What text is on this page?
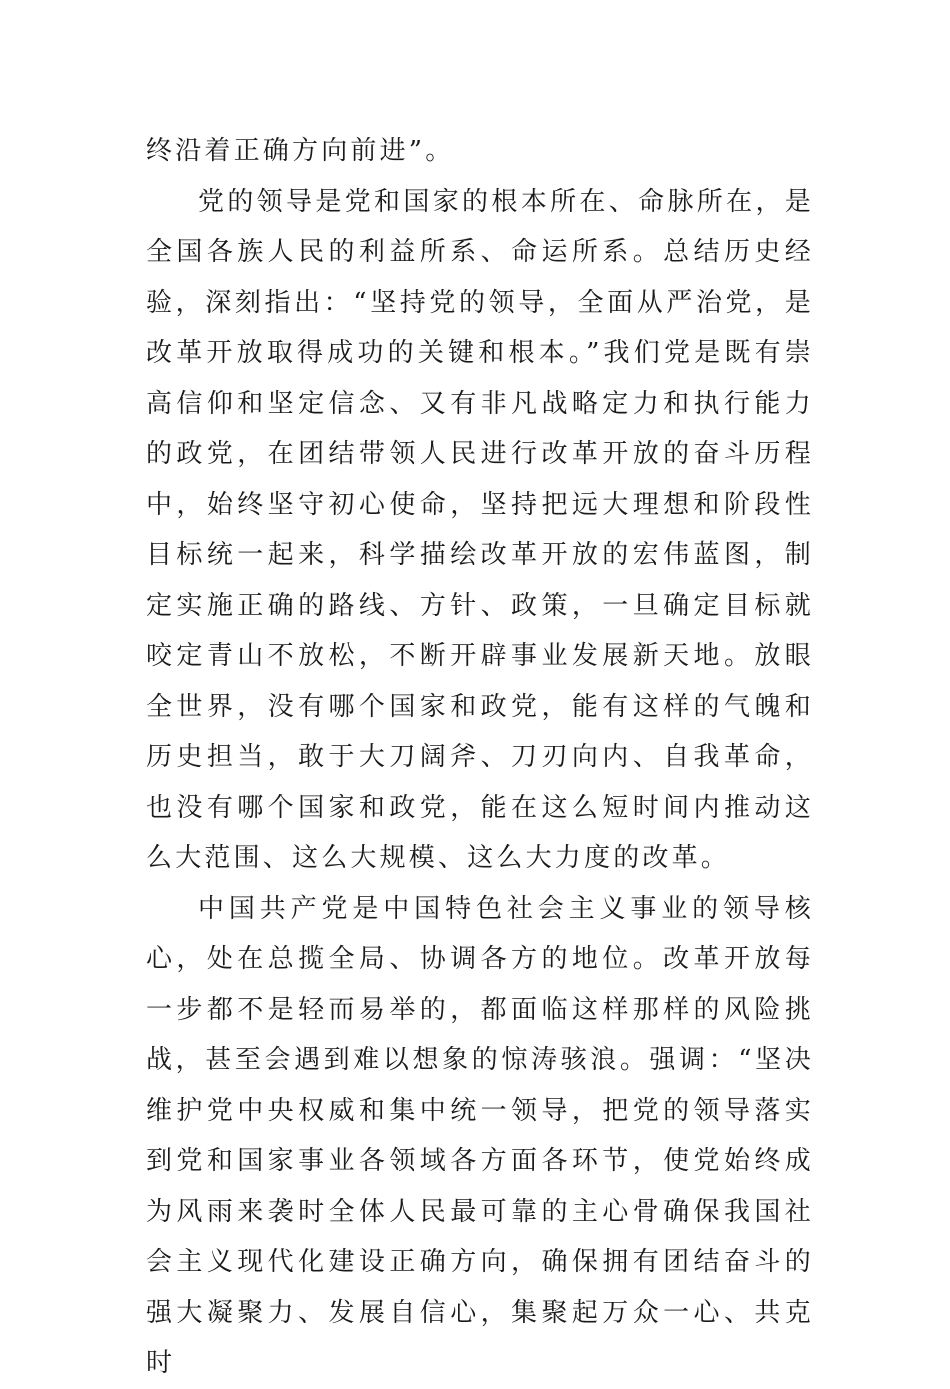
终沿着正确方向前进”。

党的领导是党和国家的根本所在、命脉所在，是全国各族人民的利益所系、命运所系。总结历史经验，深刻指出：“坚持党的领导，全面从严治党，是改革开放取得成功的关键和根本。”我们党是既有崇高信仰和坚定信念、又有非凡战略定力和执行能力的政党，在团结带领人民进行改革开放的奋斗历程中，始终坚守初心使命，坚持把远大理想和阶段性目标统一起来，科学描绘改革开放的宏伟蓝图，制定实施正确的路线、方针、政策，一旦确定目标就咬定青山不放松，不断开辟事业发展新天地。放眼全世界，没有哪个国家和政党，能有这样的气魄和历史担当，敢于大刀阔斧、刀刃向内、自我革命，也没有哪个国家和政党，能在这么短时间内推动这么大范围、这么大规模、这么大力度的改革。

中国共产党是中国特色社会主义事业的领导核心，处在总揽全局、协调各方的地位。改革开放每一步都不是轻而易举的，都面临这样那样的风险挑战，甚至会遇到难以想象的惊涛骇浪。强调：“坚决维护党中央权威和集中统一领导，把党的领导落实到党和国家事业各领域各方面各环节，使党始终成为风雨来袭时全体人民最可靠的主心骨确保我国社会主义现代化建设正确方向，确保拥有团结奋斗的强大凝聚力、发展自信心，集聚起万众一心、共克时
